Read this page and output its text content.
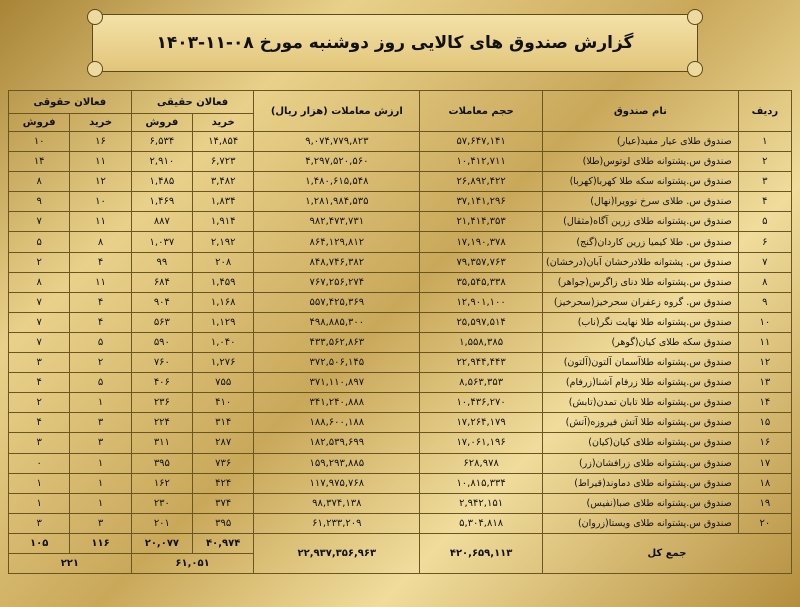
گزارش صندوق های کالایی روز دوشنبه مورخ ۰۸-۱۱-۱۴۰۳
ردیف	نام صندوق	حجم معاملات	ارزش معاملات (هزار ریال)	فعالان حقیقی		فعالان حقوقی	
				خرید	فروش	خرید	فروش
۱	صندوق طلای عیار مفید(عیار)	۵۷,۶۴۷,۱۴۱	۹,۰۷۴,۷۷۹,۸۲۳	۱۴,۸۵۴	۶,۵۳۴	۱۶	۱۰
۲	صندوق س.پشتوانه طلای لوتوس(طلا)	۱۰,۴۱۲,۷۱۱	۴,۲۹۷,۵۲۰,۵۶۰	۶,۷۲۳	۲,۹۱۰	۱۱	۱۴
۳	صندوق س.پشتوانه سکه طلا کهربا(کهربا)	۲۶,۸۹۲,۴۲۲	۱,۴۸۰,۶۱۵,۵۴۸	۳,۴۸۲	۱,۴۸۵	۱۲	۸
۴	صندوق س. طلای سرخ نوویرا(نهال)	۳۷,۱۴۱,۲۹۶	۱,۲۸۱,۹۸۴,۵۳۵	۱,۸۳۴	۱,۴۶۹	۱۰	۹
۵	صندوق س.پشتوانه طلای زرین آگاه(مثقال)	۲۱,۴۱۴,۳۵۳	۹۸۲,۴۷۳,۷۳۱	۱,۹۱۴	۸۸۷	۱۱	۷
۶	صندوق س. طلا کیمیا زرین کاردان(گنج)	۱۷,۱۹۰,۳۷۸	۸۶۴,۱۲۹,۸۱۲	۲,۱۹۲	۱,۰۳۷	۸	۵
۷	صندوق س. پشتوانه طلادرخشان آبان(درخشان)	۷۹,۳۵۷,۷۶۳	۸۴۸,۷۴۶,۳۸۲	۲۰۸	۹۹	۴	۲
۸	صندوق س.پشتوانه طلا دنای زاگرس(جواهر)	۳۵,۵۴۵,۳۳۸	۷۶۷,۲۵۶,۲۷۴	۱,۴۵۹	۶۸۴	۱۱	۸
۹	صندوق س. گروه زعفران سحرخیز(سحرخیز)	۱۲,۹۰۱,۱۰۰	۵۵۷,۴۲۵,۳۶۹	۱,۱۶۸	۹۰۴	۴	۷
۱۰	صندوق س.پشتوانه طلا نهایت نگر(ناب)	۲۵,۵۹۷,۵۱۴	۴۹۸,۸۸۵,۳۰۰	۱,۱۲۹	۵۶۳	۴	۷
۱۱	صندوق سکه طلای کیان(گوهر)	۱,۵۵۸,۳۸۵	۴۳۳,۵۶۲,۸۶۳	۱,۰۴۰	۵۹۰	۵	۷
۱۲	صندوق س.پشتوانه طلاآسمان آلتون(آلتون)	۲۲,۹۴۴,۴۴۳	۳۷۲,۵۰۶,۱۴۵	۱,۲۷۶	۷۶۰	۲	۳
۱۳	صندوق س.پشتوانه طلا زرفام آشنا(زرفام)	۸,۵۶۳,۳۵۳	۳۷۱,۱۱۰,۸۹۷	۷۵۵	۴۰۶	۵	۴
۱۴	صندوق س.پشتوانه طلا تابان تمدن(تابش)	۱۰,۴۳۶,۲۷۰	۳۴۱,۲۴۰,۸۸۸	۴۱۰	۲۳۶	۱	۲
۱۵	صندوق س.پشتوانه طلا آتش فیروزه(آتش)	۱۷,۲۶۴,۱۷۹	۱۸۸,۶۰۰,۱۸۸	۳۱۴	۲۲۴	۳	۴
۱۶	صندوق س.پشتوانه طلای کیان(کیان)	۱۷,۰۶۱,۱۹۶	۱۸۲,۵۳۹,۶۹۹	۲۸۷	۳۱۱	۳	۳
۱۷	صندوق س.پشتوانه طلای زرافشان(زر)	۶۲۸,۹۷۸	۱۵۹,۲۹۳,۸۸۵	۷۳۶	۳۹۵	۱	۰
۱۸	صندوق س.پشتوانه طلای دماوند(قیراط)	۱۰,۸۱۵,۳۳۴	۱۱۷,۹۷۵,۷۶۸	۴۲۴	۱۶۲	۱	۱
۱۹	صندوق س.پشتوانه طلای صبا(نفیس)	۲,۹۴۲,۱۵۱	۹۸,۳۷۴,۱۳۸	۳۷۴	۲۳۰	۱	۱
۲۰	صندوق س.پشتوانه طلای ویستا(زروان)	۵,۳۰۴,۸۱۸	۶۱,۲۳۳,۲۰۹	۳۹۵	۲۰۱	۳	۳
جمع کل		۴۲۰,۶۵۹,۱۱۳	۲۲,۹۳۷,۳۵۶,۹۶۳	۴۰,۹۷۴	۲۰,۰۷۷	۱۱۶	۱۰۵
				۶۱,۰۵۱		۲۲۱	
